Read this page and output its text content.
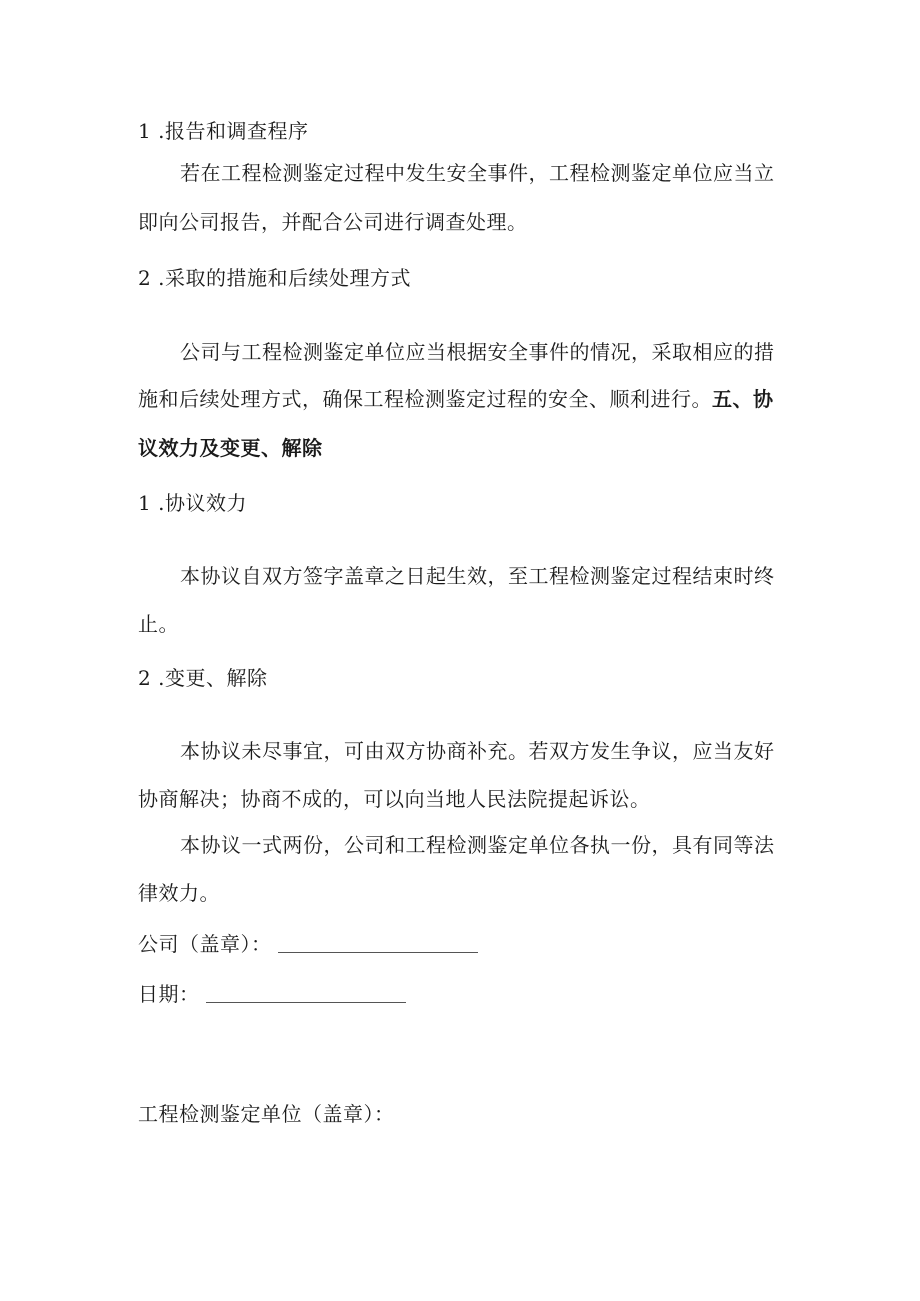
1 .报告和调查程序
若在工程检测鉴定过程中发生安全事件，工程检测鉴定单位应当立
即向公司报告，并配合公司进行调查处理。
2 .采取的措施和后续处理方式
公司与工程检测鉴定单位应当根据安全事件的情况，采取相应的措
施和后续处理方式，确保工程检测鉴定过程的安全、顺利进行。五、协
议效力及变更、解除
1 .协议效力
本协议自双方签字盖章之日起生效，至工程检测鉴定过程结束时终
止。
2 .变更、解除
本协议未尽事宜，可由双方协商补充。若双方发生争议，应当友好
协商解决；协商不成的，可以向当地人民法院提起诉讼。
本协议一式两份，公司和工程检测鉴定单位各执一份，具有同等法
律效力。
公司（盖章）：
日期：
工程检测鉴定单位（盖章）：
